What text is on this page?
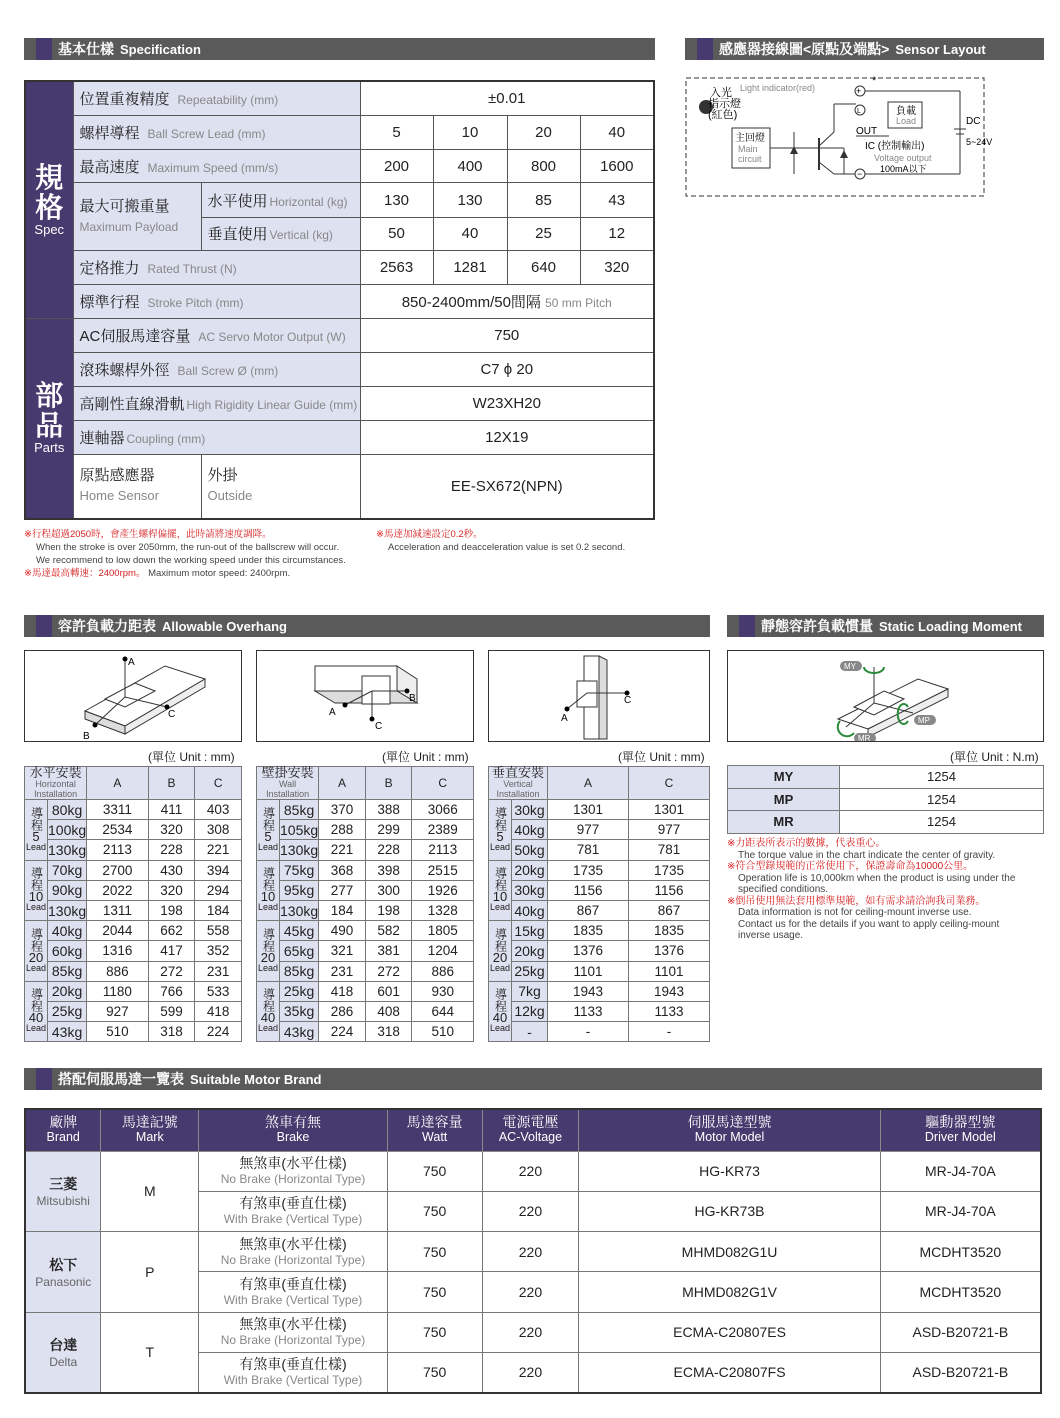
基本仕樣 Specification	感應器接線圖<原點及端點> Sensor Layout
容許負載力距表 Allowable Overhang	靜態容許負載慣量 Static Loading Moment
搭配伺服馬達一覽表 Suitable Motor Brand
規格
Spec	位置重複精度 Repeatability (mm)		±0.01			
	螺桿導程 Ball Screw Lead (mm)		5	10	20	40
	最高速度 Maximum Speed (mm/s)		200	400	800	1600
	最大可搬重量
Maximum Payload	水平使用 Horizontal (kg)	130	130	85	43
		垂直使用 Vertical (kg)	50	40	25	12
	定格推力 Rated Thrust (N)		2563	1281	640	320
	標準行程 Stroke Pitch (mm)		850-2400mm/50間隔 50 mm Pitch			
部品
Parts	AC伺服馬達容量 AC Servo Motor Output (W)		750			
	滾珠螺桿外徑 Ball Screw Ø (mm)		C7 ϕ 20			
	高剛性直線滑軌 High Rigidity Linear Guide (mm)		W23XH20			
	連軸器 Coupling (mm)		12X19			
	原點感應器
Home Sensor	外掛
Outside	EE-SX672(NPN)			
※行程超過2050時，會產生螺桿偏擺，此時請將速度調降。
When the stroke is over 2050mm, the run-out of the ballscrew will occur.
We recommend to low down the working speed under this circumstances.
※馬達最高轉速：2400rpm。 Maximum motor speed: 2400rpm.
※馬達加減速設定0.2秒。
Acceleration and deacceleration value is set 0.2 second.
入光
指示燈
(紅色)
Light indicator(red)
主回燈
Main
circuit
+
*
L
−
OUT
負載
Load
IC (控制輸出)
Voltage output
100mA以下
DC
5~24V
A
C
B
B
A
C
C
A
MY
MP
MR
(單位 Unit : mm)	(單位 Unit : mm)	(單位 Unit : mm)	(單位 Unit : N.m)
水平安裝
Horizontal Installation		A	B	C

導程
5
Lead	80kg	3311	411	403
	100kg	2534	320	308
	130kg	2113	228	221

導程
10
Lead	70kg	2700	430	394
	90kg	2022	320	294
	130kg	1311	198	184

導程
20
Lead	40kg	2044	662	558
	60kg	1316	417	352
	85kg	886	272	231

導程
40
Lead	20kg	1180	766	533
	25kg	927	599	418
	43kg	510	318	224
壁掛安裝
Wall Installation		A	B	C

導程
5
Lead	85kg	370	388	3066
	105kg	288	299	2389
	130kg	221	228	2113

導程
10
Lead	75kg	368	398	2515
	95kg	277	300	1926
	130kg	184	198	1328

導程
20
Lead	45kg	490	582	1805
	65kg	321	381	1204
	85kg	231	272	886

導程
40
Lead	25kg	418	601	930
	35kg	286	408	644
	43kg	224	318	510
垂直安裝
Vertical Installation		A	C

導程
5
Lead	30kg	1301	1301
	40kg	977	977
	50kg	781	781

導程
10
Lead	20kg	1735	1735
	30kg	1156	1156
	40kg	867	867

導程
20
Lead	15kg	1835	1835
	20kg	1376	1376
	25kg	1101	1101

導程
40
Lead	7kg	1943	1943
	12kg	1133	1133
	-	-	-
MY	1254
MP	1254
MR	1254
※力距表所表示的數據，代表重心。
The torque value in the chart indicate the center of gravity.
※符合型錄規範的正常使用下，保證壽命為10000公里。
Operation life is 10,000km when the product is using under the
specified conditions.
※倒吊使用無法套用標準規範，如有需求請洽詢我司業務。
Data information is not for ceiling-mount inverse use.
Contact us for the details if you want to apply ceiling-mount
inverse usage.
廠牌
Brand	馬達記號
Mark	煞車有無
Brake	馬達容量
Watt	電源電壓
AC-Voltage	伺服馬達型號
Motor Model	驅動器型號
Driver Model

三菱
Mitsubishi	M	無煞車(水平仕樣)
No Brake (Horizontal Type)	750	220	HG-KR73	MR-J4-70A

		有煞車(垂直仕樣)
With Brake (Vertical Type)	750	220	HG-KR73B	MR-J4-70A

松下
Panasonic	P	無煞車(水平仕樣)
No Brake (Horizontal Type)	750	220	MHMD082G1U	MCDHT3520

		有煞車(垂直仕樣)
With Brake (Vertical Type)	750	220	MHMD082G1V	MCDHT3520

台達
Delta	T	無煞車(水平仕樣)
No Brake (Horizontal Type)	750	220	ECMA-C20807ES	ASD-B20721-B

		有煞車(垂直仕樣)
With Brake (Vertical Type)	750	220	ECMA-C20807FS	ASD-B20721-B
